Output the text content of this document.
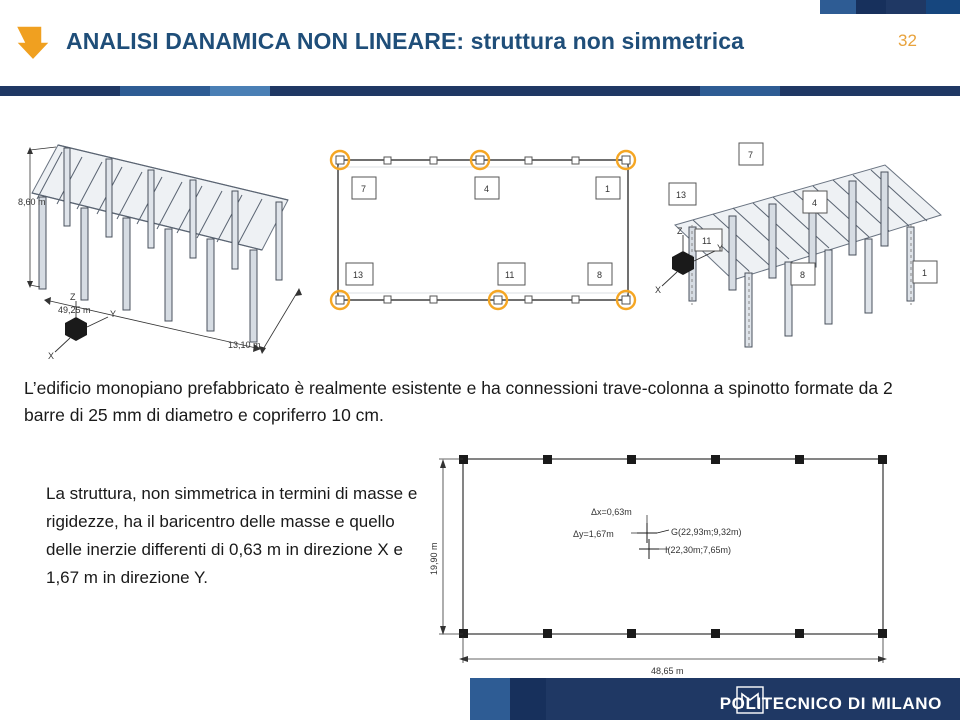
ANALISI DANAMICA NON LINEARE: struttura non simmetrica	32
8,60 m
49,25 m
13,10 m
Z
Y
X
7	4	1
13	11	8
7
13
4
11
1
8
Z
Y
X
L’edificio monopiano prefabbricato è realmente esistente e ha connessioni trave-colonna a spinotto formate da 2 barre di 25 mm di diametro e copriferro 10 cm.
La struttura, non simmetrica in termini di masse e rigidezze, ha il baricentro delle masse e quello delle inerzie differenti di 0,63 m in direzione X e 1,67 m in direzione Y.
Δx=0,63m
Δy=1,67m	G(22,93m;9,32m)
I(22,30m;7,65m)
19,90 m
48,65 m
POLITECNICO DI MILANO
